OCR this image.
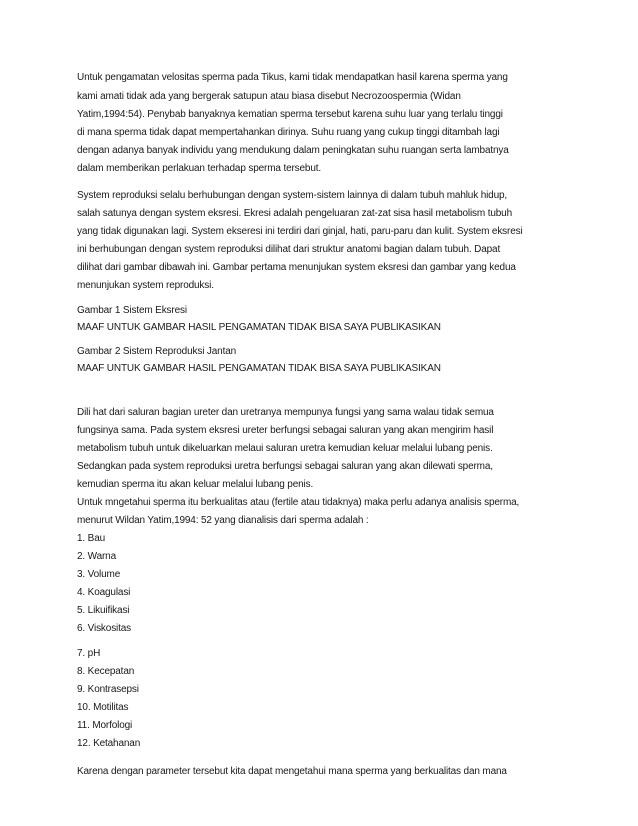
Untuk pengamatan velositas sperma pada Tikus, kami tidak mendapatkan hasil karena sperma yang
kami amati tidak ada yang bergerak satupun atau biasa disebut Necrozoospermia (Widan
Yatim,1994:54). Penybab banyaknya kematian sperma tersebut karena suhu luar yang terlalu tinggi
di mana sperma tidak dapat mempertahankan dirinya. Suhu ruang yang cukup tinggi ditambah lagi
dengan adanya banyak individu yang mendukung dalam peningkatan suhu ruangan serta lambatnya
dalam memberikan perlakuan terhadap sperma tersebut.
System reproduksi selalu berhubungan dengan system-sistem lainnya di dalam tubuh mahluk hidup,
salah satunya dengan system eksresi. Ekresi adalah pengeluaran zat-zat sisa hasil metabolism tubuh
yang tidak digunakan lagi. System ekseresi ini terdiri dari ginjal, hati, paru-paru dan kulit. System eksresi
ini berhubungan dengan system reproduksi dilihat dari struktur anatomi bagian dalam tubuh. Dapat
dilihat dari gambar dibawah ini. Gambar pertama menunjukan system eksresi dan gambar yang kedua
menunjukan system reproduksi.
Gambar 1 Sistem Eksresi
MAAF UNTUK GAMBAR HASIL PENGAMATAN TIDAK BISA SAYA PUBLIKASIKAN
Gambar 2 Sistem Reproduksi Jantan
MAAF UNTUK GAMBAR HASIL PENGAMATAN TIDAK BISA SAYA PUBLIKASIKAN
Dili hat dari saluran bagian ureter dan uretranya mempunya fungsi yang sama walau tidak semua
fungsinya sama. Pada system eksresi ureter berfungsi sebagai saluran yang akan mengirim hasil
metabolism tubuh untuk dikeluarkan melaui saluran uretra kemudian keluar melalui lubang penis.
Sedangkan pada system reproduksi uretra berfungsi sebagai saluran yang akan dilewati sperma,
kemudian sperma itu akan keluar melalui lubang penis.
Untuk mngetahui sperma itu berkualitas atau (fertile atau tidaknya) maka perlu adanya analisis sperma,
menurut Wildan Yatim,1994: 52 yang dianalisis dari sperma adalah :
1. Bau
2. Warna
3. Volume
4. Koagulasi
5. Likuifikasi
6. Viskositas
7. pH
8. Kecepatan
9. Kontrasepsi
10. Motilitas
11. Morfologi
12. Ketahanan
Karena dengan parameter tersebut kita dapat mengetahui mana sperma yang berkualitas dan mana
